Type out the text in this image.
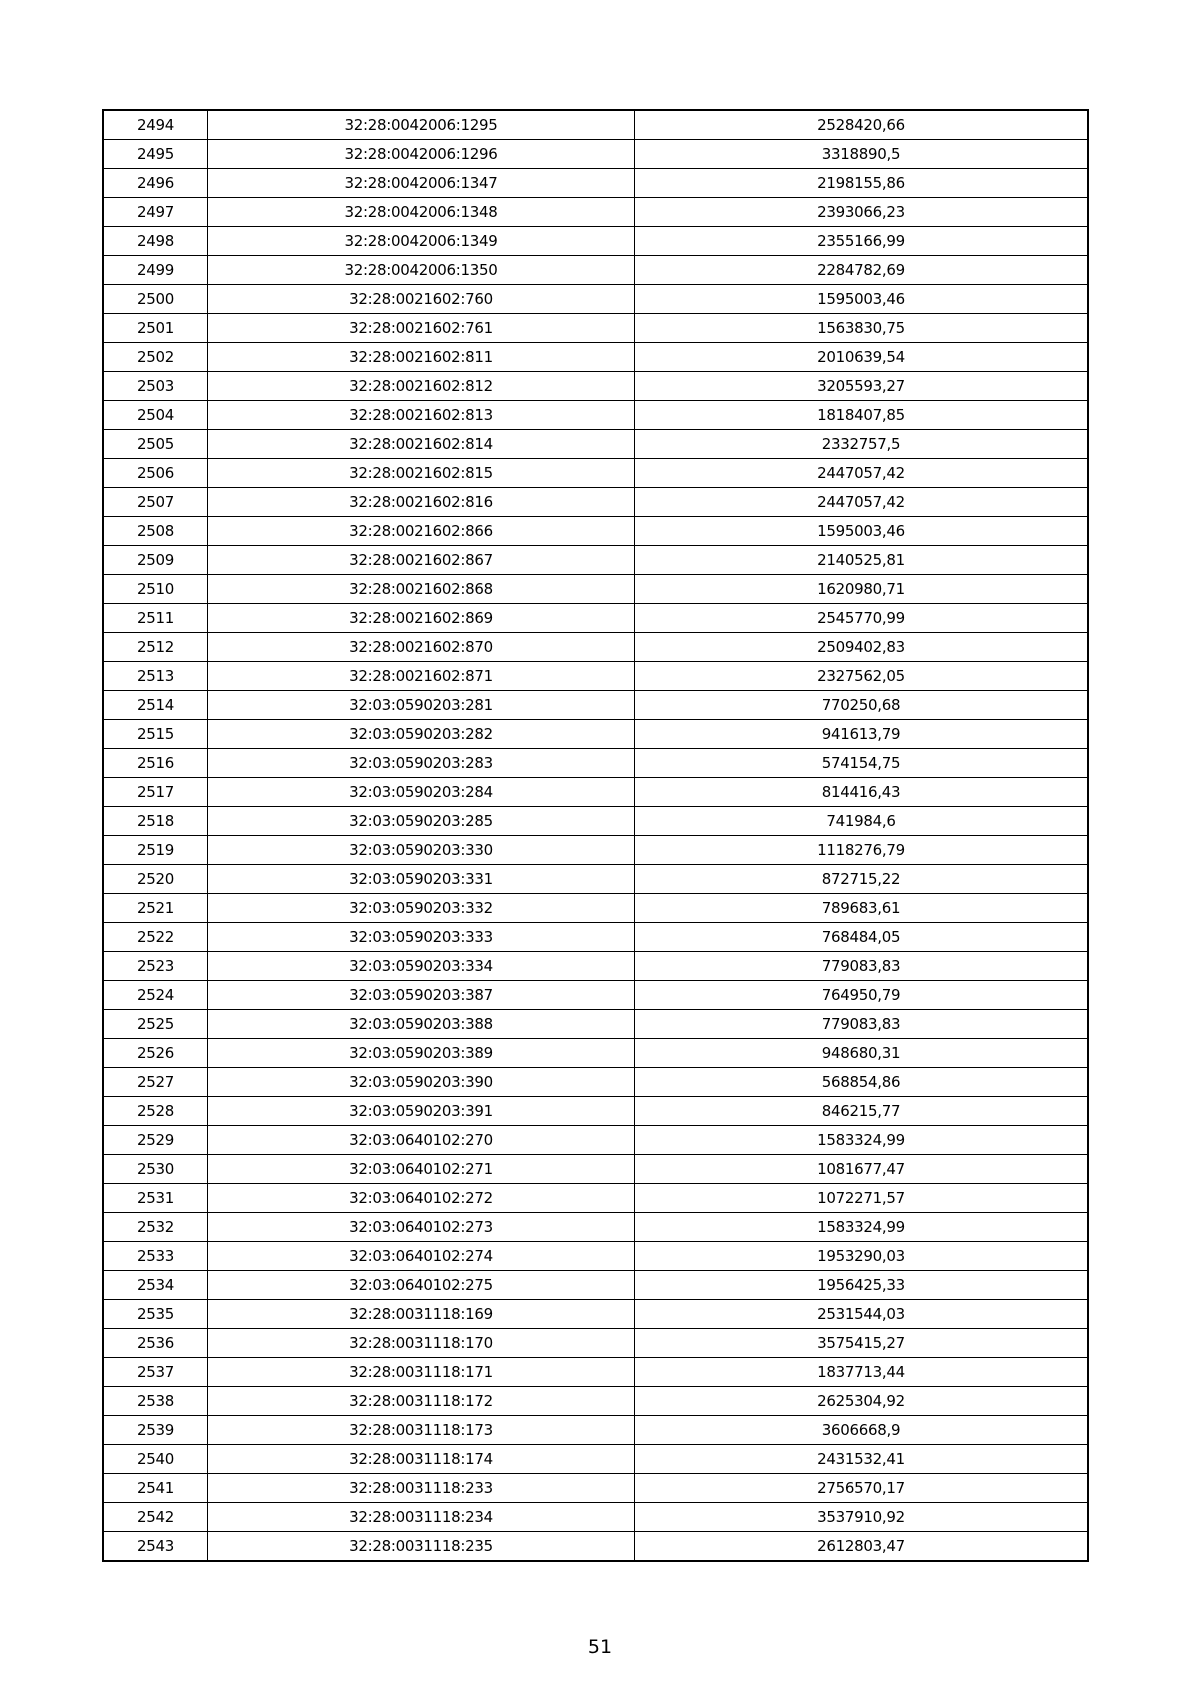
2494	32:28:0042006:1295	2528420,66
2495	32:28:0042006:1296	3318890,5
2496	32:28:0042006:1347	2198155,86
2497	32:28:0042006:1348	2393066,23
2498	32:28:0042006:1349	2355166,99
2499	32:28:0042006:1350	2284782,69
2500	32:28:0021602:760	1595003,46
2501	32:28:0021602:761	1563830,75
2502	32:28:0021602:811	2010639,54
2503	32:28:0021602:812	3205593,27
2504	32:28:0021602:813	1818407,85
2505	32:28:0021602:814	2332757,5
2506	32:28:0021602:815	2447057,42
2507	32:28:0021602:816	2447057,42
2508	32:28:0021602:866	1595003,46
2509	32:28:0021602:867	2140525,81
2510	32:28:0021602:868	1620980,71
2511	32:28:0021602:869	2545770,99
2512	32:28:0021602:870	2509402,83
2513	32:28:0021602:871	2327562,05
2514	32:03:0590203:281	770250,68
2515	32:03:0590203:282	941613,79
2516	32:03:0590203:283	574154,75
2517	32:03:0590203:284	814416,43
2518	32:03:0590203:285	741984,6
2519	32:03:0590203:330	1118276,79
2520	32:03:0590203:331	872715,22
2521	32:03:0590203:332	789683,61
2522	32:03:0590203:333	768484,05
2523	32:03:0590203:334	779083,83
2524	32:03:0590203:387	764950,79
2525	32:03:0590203:388	779083,83
2526	32:03:0590203:389	948680,31
2527	32:03:0590203:390	568854,86
2528	32:03:0590203:391	846215,77
2529	32:03:0640102:270	1583324,99
2530	32:03:0640102:271	1081677,47
2531	32:03:0640102:272	1072271,57
2532	32:03:0640102:273	1583324,99
2533	32:03:0640102:274	1953290,03
2534	32:03:0640102:275	1956425,33
2535	32:28:0031118:169	2531544,03
2536	32:28:0031118:170	3575415,27
2537	32:28:0031118:171	1837713,44
2538	32:28:0031118:172	2625304,92
2539	32:28:0031118:173	3606668,9
2540	32:28:0031118:174	2431532,41
2541	32:28:0031118:233	2756570,17
2542	32:28:0031118:234	3537910,92
2543	32:28:0031118:235	2612803,47
51
